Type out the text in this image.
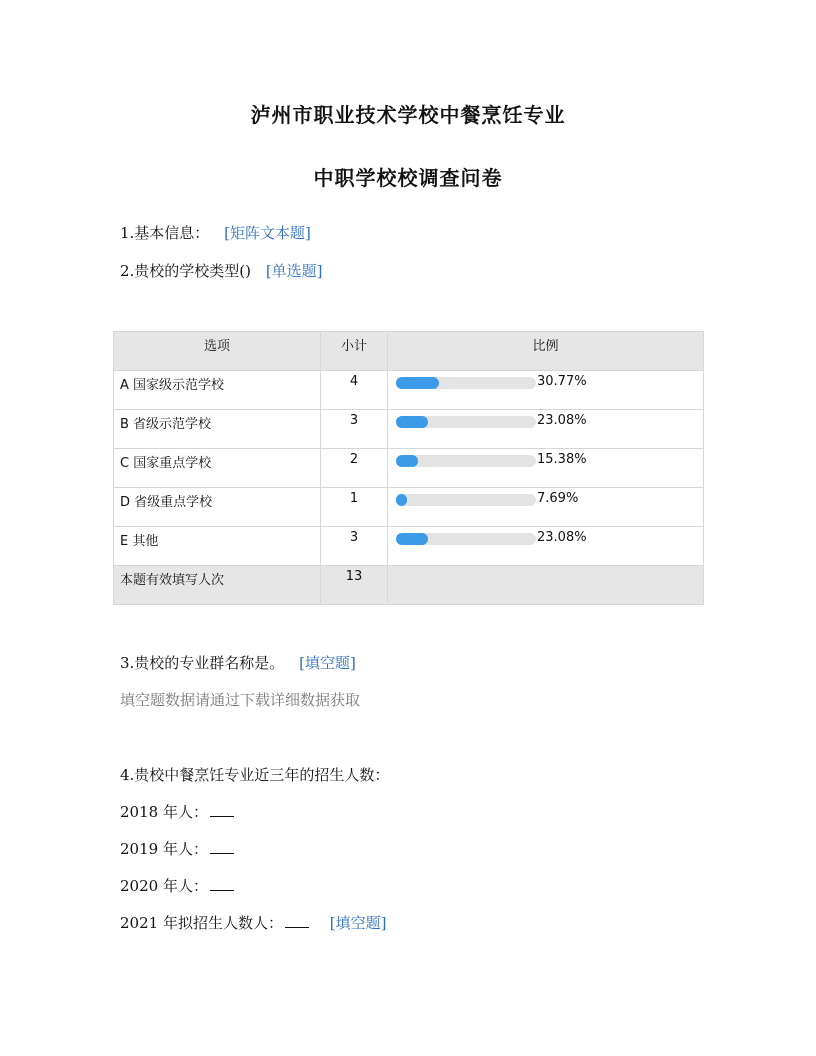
泸州市职业技术学校中餐烹饪专业
中职学校校调查问卷
1.基本信息： [矩阵文本题]
2.贵校的学校类型() [单选题]
选项	小计	比例
A 国家级示范学校	4	30.77%

B 省级示范学校	3	23.08%

C 国家重点学校	2	15.38%

D 省级重点学校	1	7.69%

E 其他	3	23.08%

本题有效填写人次	13	
3.贵校的专业群名称是。 [填空题]
填空题数据请通过下载详细数据获取
4.贵校中餐烹饪专业近三年的招生人数：
2018 年人：
2019 年人：
2020 年人：
2021 年拟招生人数人：	[填空题]
